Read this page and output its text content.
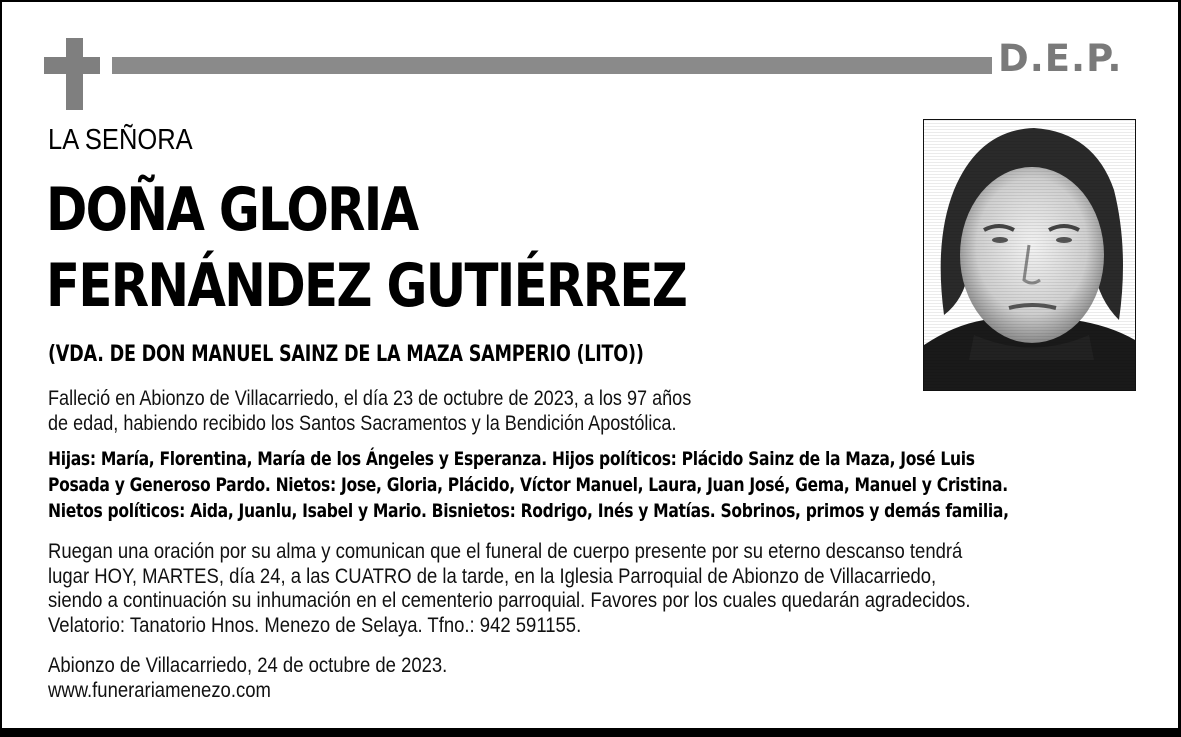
D.E.P.
LA SEÑORA
DOÑA GLORIA
FERNÁNDEZ GUTIÉRREZ
(VDA. DE DON MANUEL SAINZ DE LA MAZA SAMPERIO (LITO))
Falleció en Abionzo de Villacarriedo, el día 23 de octubre de 2023, a los 97 años
de edad, habiendo recibido los Santos Sacramentos y la Bendición Apostólica.
Hijas: María, Florentina, María de los Ángeles y Esperanza. Hijos políticos: Plácido Sainz de la Maza, José Luis
Posada y Generoso Pardo. Nietos: Jose, Gloria, Plácido, Víctor Manuel, Laura, Juan José, Gema, Manuel y Cristina.
Nietos políticos: Aida, Juanlu, Isabel y Mario. Bisnietos: Rodrigo, Inés y Matías. Sobrinos, primos y demás familia,
Ruegan una oración por su alma y comunican que el funeral de cuerpo presente por su eterno descanso tendrá
lugar HOY, MARTES, día 24, a las CUATRO de la tarde, en la Iglesia Parroquial de Abionzo de Villacarriedo,
siendo a continuación su inhumación en el cementerio parroquial. Favores por los cuales quedarán agradecidos.
Velatorio: Tanatorio Hnos. Menezo de Selaya. Tfno.: 942 591155.
Abionzo de Villacarriedo, 24 de octubre de 2023.
www.funerariamenezo.com
